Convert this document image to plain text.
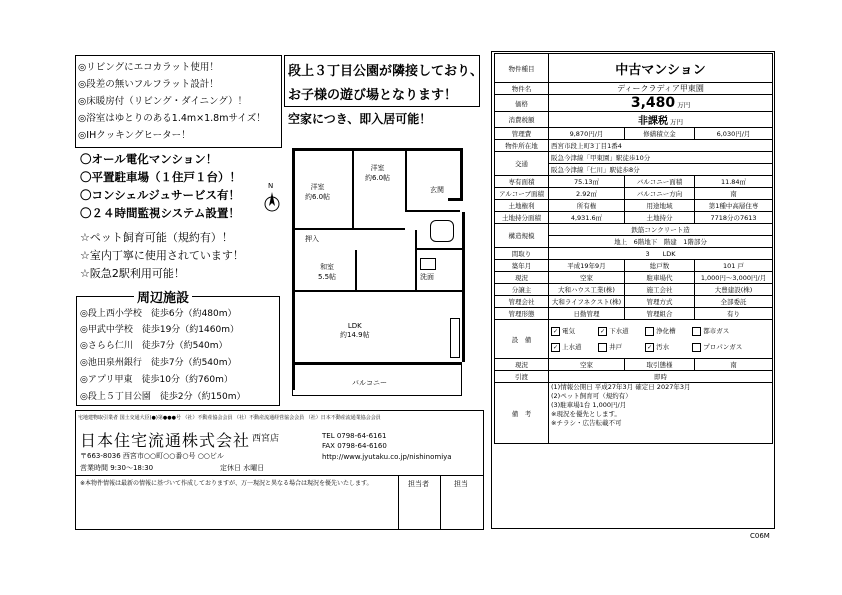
◎リビングにエコカラット使用！
◎段差の無いフルフラット設計！
◎床暖房付（リビング・ダイニング）！
◎浴室はゆとりのある1.4m×1.8mサイズ！
◎IHクッキングヒーター！
段上３丁目公園が隣接しており、
お子様の遊び場となります！
空家につき、即入居可能！
〇オール電化マンション！
〇平置駐車場（１住戸１台）！
〇コンシェルジュサービス有！
〇２４時間監視システム設置！
☆ペット飼育可能（規約有）！
☆室内丁寧に使用されています！
☆阪急2駅利用可能！
周辺施設
◎段上西小学校　徒歩6分（約480m）
◎甲武中学校　徒歩19分（約1460m）
◎さらら仁川　徒歩7分（約540m）
◎池田泉州銀行　徒歩7分（約540m）
◎アプリ甲東　徒歩10分（約760m）
◎段上５丁目公園　徒歩2分（約150m）
N	洋室
約6.0帖
洋室
約6.0帖
玄関
押入
和室
5.5帖	洗面
LDK
約14.9帖
バルコニー
宅地建物取引業者 国土交通大臣(●)第●●●号 （社）不動産協会会員 （社）不動産流通経営協会会員 （社）日本不動産流通業協会会員
日本住宅流通株式会社 西宮店
〒663-8036 西宮市○○町○○番○号 ○○ビル
TEL 0798-64-6161
FAX 0798-64-6160
http://www.jyutaku.co.jp/nishinomiya
営業時間 9:30〜18:30	定休日 水曜日
※本物件情報は最新の情報に基づいて作成しておりますが、万一現況と異なる場合は現況を優先いたします。	担当者	担当
物件種目	中古マンション		
物件名	ディークラディア甲東園		
価格	3,480 万円		
消費税額	非課税 万円		
管理費	9,870円/月	修繕積立金	6,030円/月
物件所在地	西宮市段上町3丁目1番4		
交通	阪急今津線「甲東園」駅徒歩10分		
	阪急今津線「仁川」駅徒歩8分		
専有面積	75.13㎡	バルコニー面積	11.84㎡
アルコーブ面積	2.92㎡	バルコニー方向	南
土地権利	所有権	用途地域	第1種中高層住専
土地持分面積	4,931.6㎡	土地持分	7718分の7613
構造規模	鉄筋コンクリート造		
	地上　6階地下　階建　1階部分		
間取り	3　　LDK		
築年月	平成19年9月	総戸数	101 戸
現況	空家	駐車場代	1,000円〜3,000円/月
分譲主	大和ハウス工業(株)	施工会社	大豊建設(株)
管理会社	大和ライフネクスト(株)	管理方式	全部委託
管理形態	日勤管理	管理組合	有り
設　備	✓ 電気 ✓ 下水道 浄化槽 都市ガス
✓ 上水道 井戸 ✓ 汚水 プロパンガス		
現況	空家	取引態様	南
引渡	即時		
備　考	(1)情報公開日 平成27年3月 確定日 2027年3月
(2)ペット飼育可（規約有）
(3)駐車場1台 1,000円/月
※現況を優先とします。
※チラシ・広告転載不可		
C06M
